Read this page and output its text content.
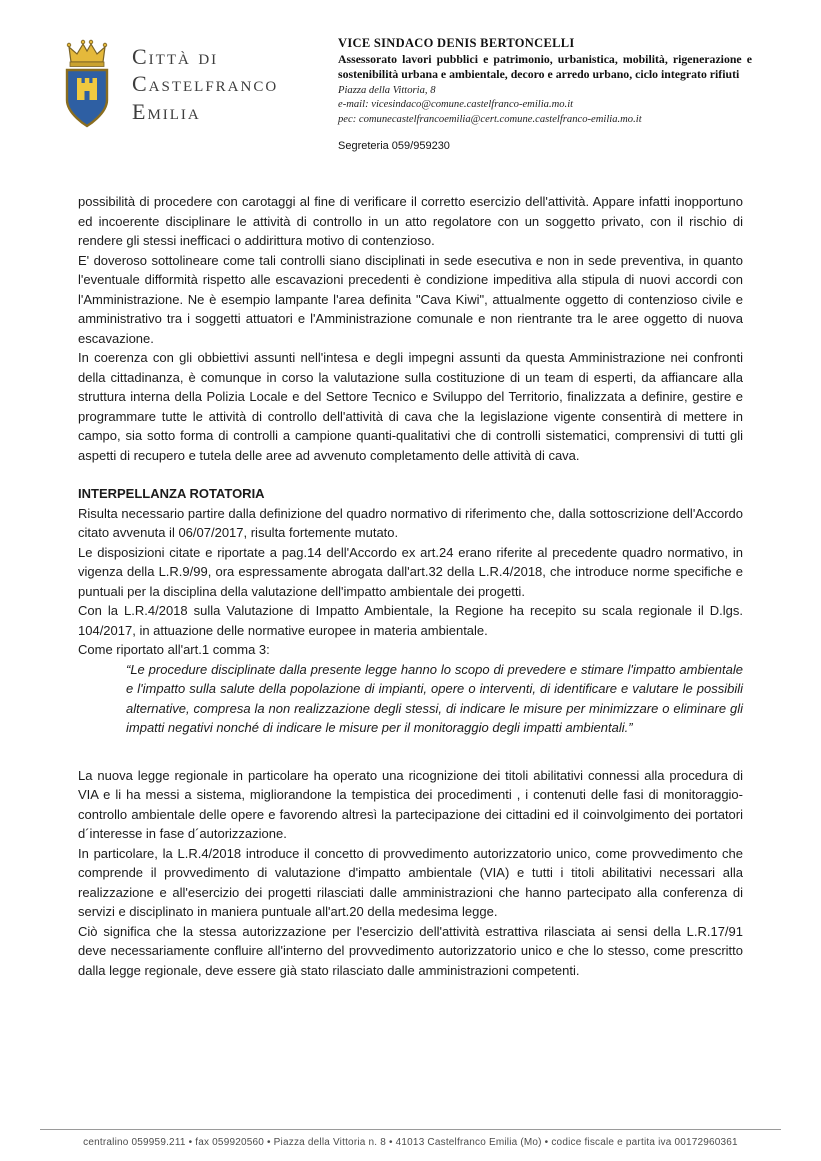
Città di
Castelfranco
Emilia
VICE SINDACO DENIS BERTONCELLI
Assessorato lavori pubblici e patrimonio, urbanistica, mobilità, rigenerazione e sostenibilità urbana e ambientale, decoro e arredo urbano, ciclo integrato rifiuti
Piazza della Vittoria, 8
e-mail: vicesindaco@comune.castelfranco-emilia.mo.it
pec: comunecastelfrancoemilia@cert.comune.castelfranco-emilia.mo.it
Segreteria 059/959230

possibilità di procedere con carotaggi al fine di verificare il corretto esercizio dell'attività. Appare infatti inopportuno ed incoerente disciplinare le attività di controllo in un atto regolatore con un soggetto privato, con il rischio di rendere gli stessi inefficaci o addirittura motivo di contenzioso.

E' doveroso sottolineare come tali controlli siano disciplinati in sede esecutiva e non in sede preventiva, in quanto l'eventuale difformità rispetto alle escavazioni precedenti è condizione impeditiva alla stipula di nuovi accordi con l'Amministrazione. Ne è esempio lampante l'area definita "Cava Kiwi", attualmente oggetto di contenzioso civile e amministrativo tra i soggetti attuatori e l'Amministrazione comunale e non rientrante tra le aree oggetto di nuova escavazione.

In coerenza con gli obbiettivi assunti nell'intesa e degli impegni assunti da questa Amministrazione nei confronti della cittadinanza, è comunque in corso la valutazione sulla costituzione di un team di esperti, da affiancare alla struttura interna della Polizia Locale e del Settore Tecnico e Sviluppo del Territorio, finalizzata a definire, gestire e programmare tutte le attività di controllo dell'attività di cava che la legislazione vigente consentirà di mettere in campo, sia sotto forma di controlli a campione quanti-qualitativi che di controlli sistematici, comprensivi di tutti gli aspetti di recupero e tutela delle aree ad avvenuto completamento delle attività di cava.

INTERPELLANZA ROTATORIA

Risulta necessario partire dalla definizione del quadro normativo di riferimento che, dalla sottoscrizione dell'Accordo citato avvenuta il 06/07/2017, risulta fortemente mutato.

Le disposizioni citate e riportate a pag.14 dell'Accordo ex art.24 erano riferite al precedente quadro normativo, in vigenza della L.R.9/99, ora espressamente abrogata dall'art.32 della L.R.4/2018, che introduce norme specifiche e puntuali per la disciplina della valutazione dell'impatto ambientale dei progetti.

Con la L.R.4/2018 sulla Valutazione di Impatto Ambientale, la Regione ha recepito su scala regionale il D.lgs. 104/2017, in attuazione delle normative europee in materia ambientale.

Come riportato all'art.1 comma 3:

“Le procedure disciplinate dalla presente legge hanno lo scopo di prevedere e stimare l'impatto ambientale e l'impatto sulla salute della popolazione di impianti, opere o interventi, di identificare e valutare le possibili alternative, compresa la non realizzazione degli stessi, di indicare le misure per minimizzare o eliminare gli impatti negativi nonché di indicare le misure per il monitoraggio degli impatti ambientali.”

La nuova legge regionale in particolare ha operato una ricognizione dei titoli abilitativi connessi alla procedura di VIA e li ha messi a sistema, migliorandone la tempistica dei procedimenti , i contenuti delle fasi di monitoraggio-controllo ambientale delle opere e favorendo altresì la partecipazione dei cittadini ed il coinvolgimento dei portatori d´interesse in fase d´autorizzazione.

In particolare, la L.R.4/2018 introduce il concetto di provvedimento autorizzatorio unico, come provvedimento che comprende il provvedimento di valutazione d'impatto ambientale (VIA) e tutti i titoli abilitativi necessari alla realizzazione e all'esercizio dei progetti rilasciati dalle amministrazioni che hanno partecipato alla conferenza di servizi e disciplinato in maniera puntuale all'art.20 della medesima legge.

Ciò significa che la stessa autorizzazione per l'esercizio dell'attività estrattiva rilasciata ai sensi della L.R.17/91 deve necessariamente confluire all'interno del provvedimento autorizzatorio unico e che lo stesso, come prescritto dalla legge regionale, deve essere già stato rilasciato dalle amministrazioni competenti.

centralino 059959.211 • fax 059920560 • Piazza della Vittoria n. 8 • 41013 Castelfranco Emilia (Mo) • codice fiscale e partita iva 00172960361
